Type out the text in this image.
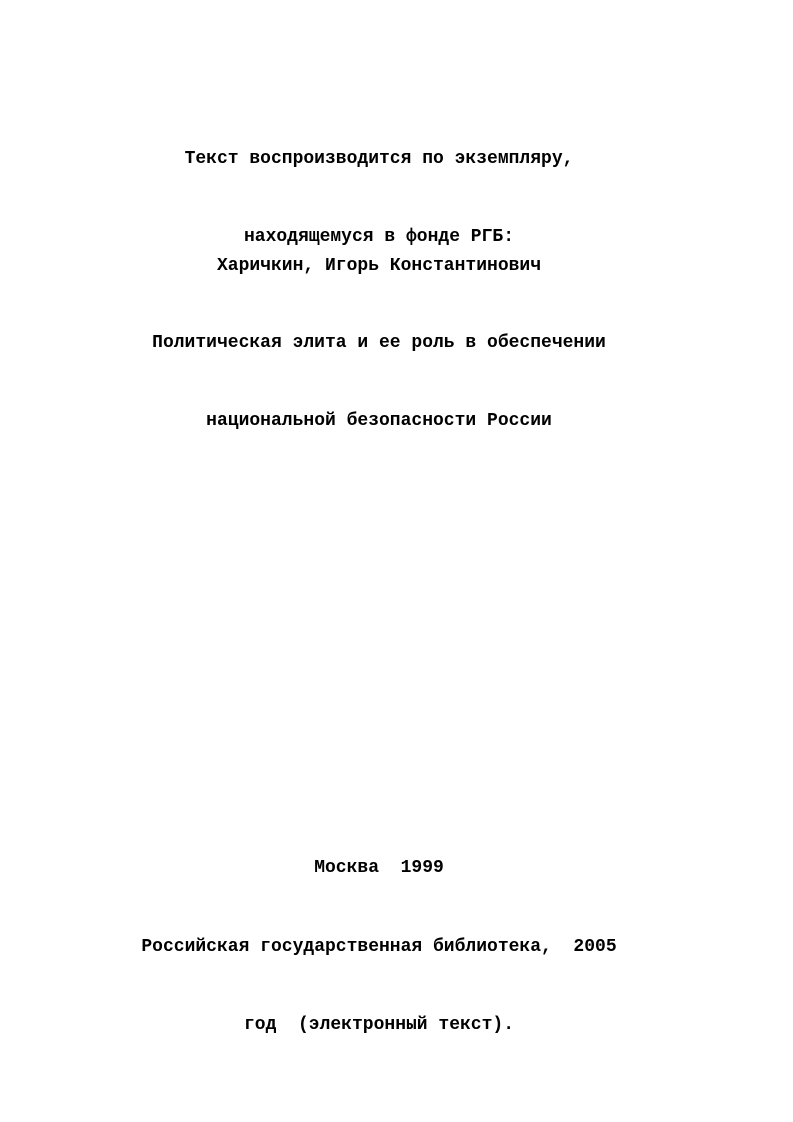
Текст воспроизводится по экземпляру,

находящемуся в фонде РГБ:

Харичкин, Игорь Константинович

Политическая элита и ее роль в обеспечении

национальной безопасности России

Москва  1999

Российская государственная библиотека,  2005

год  (электронный текст).
